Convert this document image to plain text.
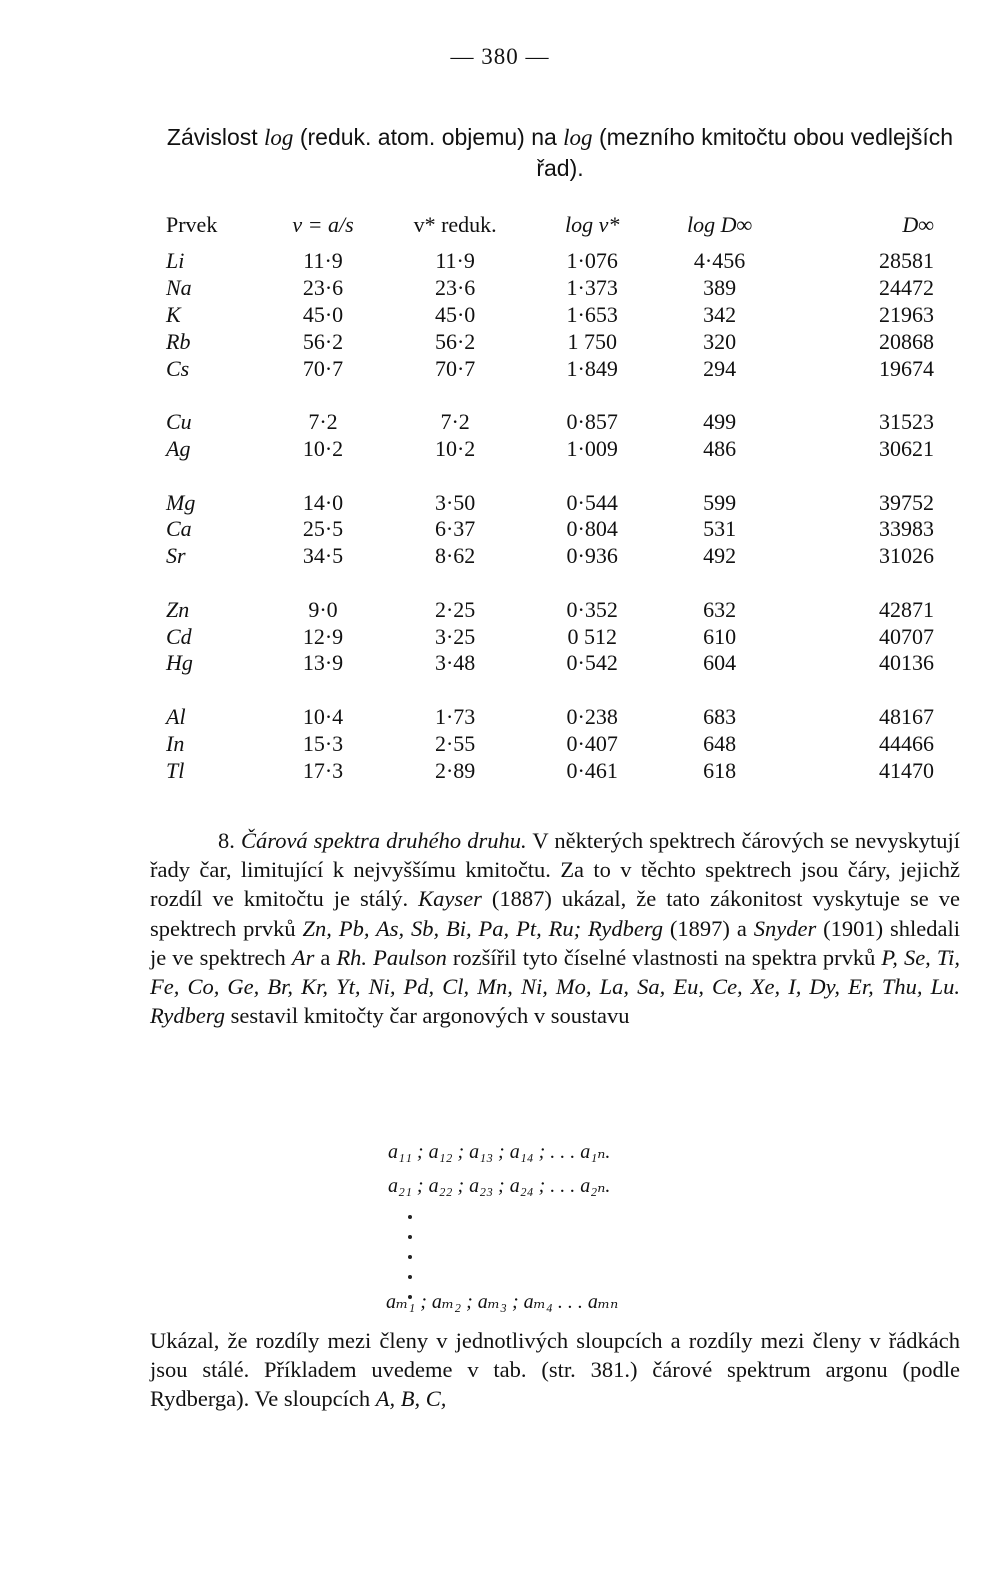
— 380 —
Závislost log (reduk. atom. objemu) na log (mezního kmitočtu obou vedlejších řad).
Prvek	v = a/s	v* reduk.	log v*	log D∞	D∞
Li	11·9	11·9	1·076	4·456	28581
Na	23·6	23·6	1·373	389	24472
K	45·0	45·0	1·653	342	21963
Rb	56·2	56·2	1 750	320	20868
Cs	70·7	70·7	1·849	294	19674

Cu	7·2	7·2	0·857	499	31523
Ag	10·2	10·2	1·009	486	30621

Mg	14·0	3·50	0·544	599	39752
Ca	25·5	6·37	0·804	531	33983
Sr	34·5	8·62	0·936	492	31026

Zn	9·0	2·25	0·352	632	42871
Cd	12·9	3·25	0 512	610	40707
Hg	13·9	3·48	0·542	604	40136

Al	10·4	1·73	0·238	683	48167
In	15·3	2·55	0·407	648	44466
Tl	17·3	2·89	0·461	618	41470
8. Čárová spektra druhého druhu. V některých spektrech čárových se nevyskytují řady čar, limitující k nejvyššímu kmitočtu. Za to v těchto spektrech jsou čáry, jejichž rozdíl ve kmitočtu je stálý. Kayser (1887) ukázal, že tato zákonitost vyskytuje se ve spektrech prvků Zn, Pb, As, Sb, Bi, Pa, Pt, Ru; Rydberg (1897) a Snyder (1901) shledali je ve spektrech Ar a Rh. Paulson rozšířil tyto číselné vlastnosti na spektra prvků P, Se, Ti, Fe, Co, Ge, Br, Kr, Yt, Ni, Pd, Cl, Mn, Ni, Mo, La, Sa, Eu, Ce, Xe, I, Dy, Er, Thu, Lu. Rydberg sestavil kmitočty čar argonových v soustavu
a₁₁ ; a₁₂ ; a₁₃ ; a₁₄ ; . . . a₁ₙ.
a₂₁ ; a₂₂ ; a₂₃ ; a₂₄ ; . . . a₂ₙ.
aₘ₁ ; aₘ₂ ; aₘ₃ ; aₘ₄ . . . aₘₙ
Ukázal, že rozdíly mezi členy v jednotlivých sloupcích a rozdíly mezi členy v řádkách jsou stálé. Příkladem uvedeme v tab. (str. 381.) čárové spektrum argonu (podle Rydberga). Ve sloupcích A, B, C,
